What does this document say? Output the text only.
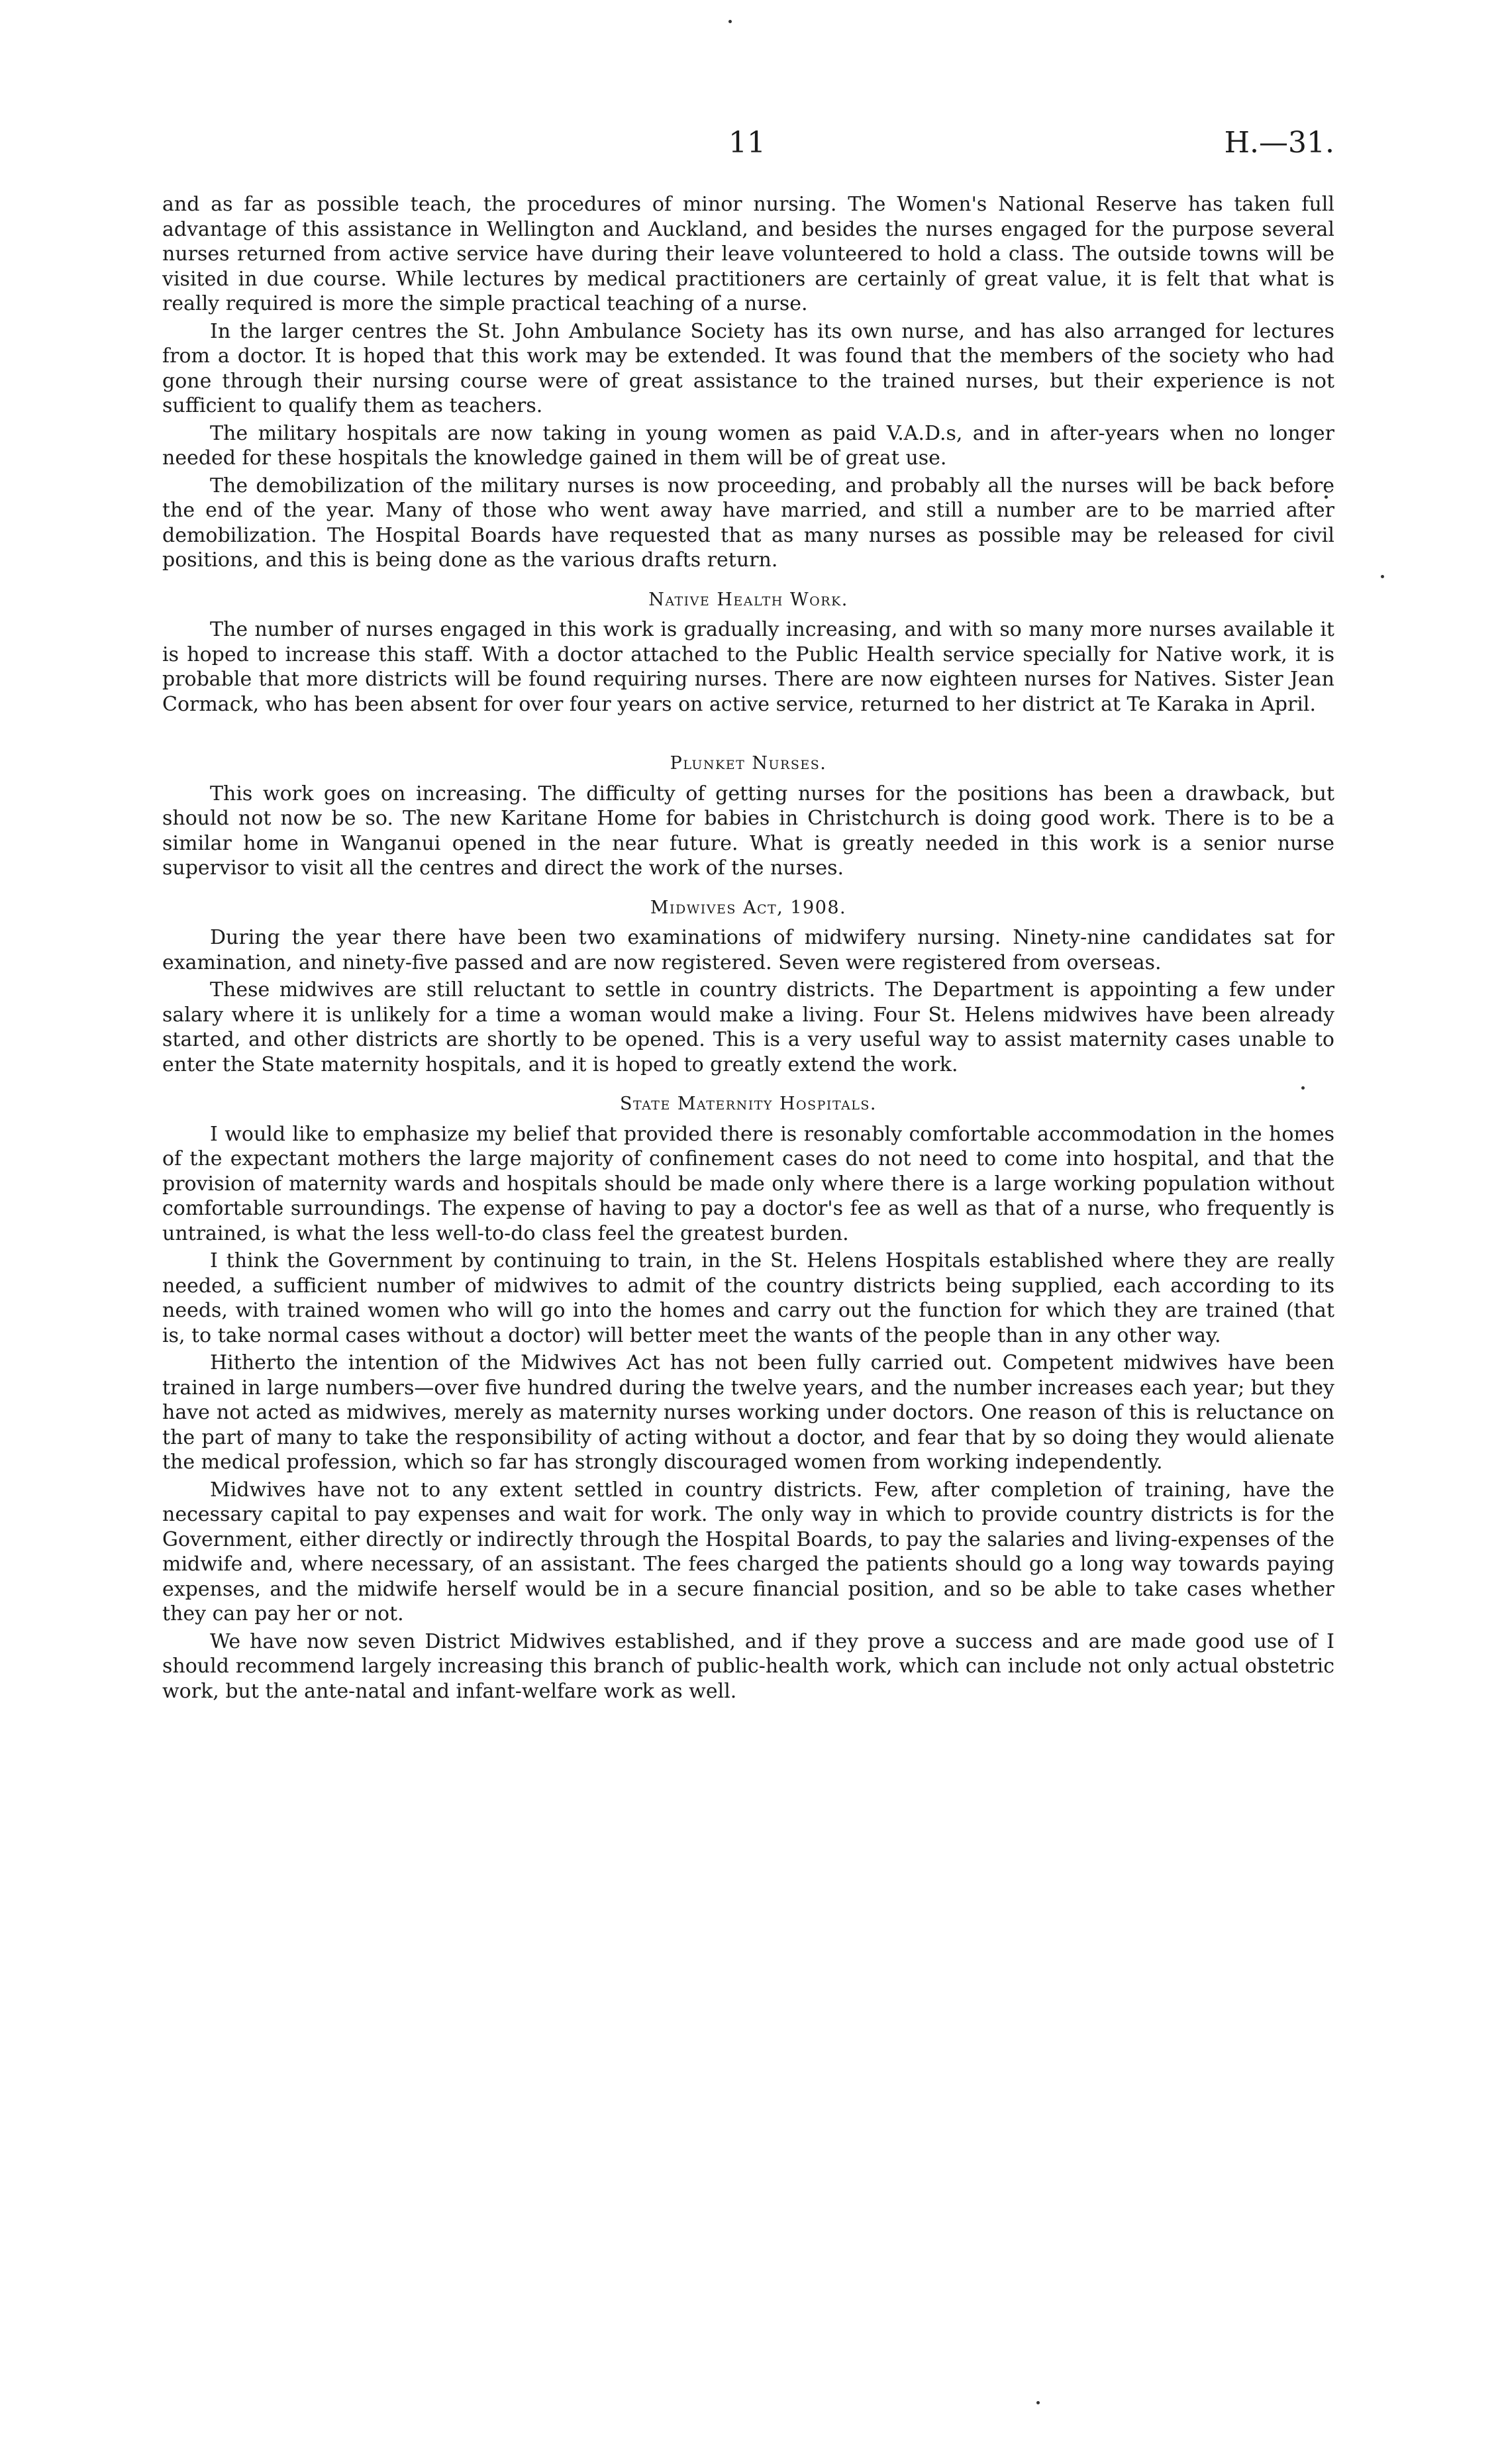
11	H.—31.

and as far as possible teach, the procedures of minor nursing. The Women's National Reserve has taken full advantage of this assistance in Wellington and Auckland, and besides the nurses engaged for the purpose several nurses returned from active service have during their leave volunteered to hold a class. The outside towns will be visited in due course. While lectures by medical practitioners are certainly of great value, it is felt that what is really required is more the simple practical teaching of a nurse.

In the larger centres the St. John Ambulance Society has its own nurse, and has also arranged for lectures from a doctor. It is hoped that this work may be extended. It was found that the members of the society who had gone through their nursing course were of great assistance to the trained nurses, but their experience is not sufficient to qualify them as teachers.

The military hospitals are now taking in young women as paid V.A.D.s, and in after-years when no longer needed for these hospitals the knowledge gained in them will be of great use.

The demobilization of the military nurses is now proceeding, and probably all the nurses will be back before the end of the year. Many of those who went away have married, and still a number are to be married after demobilization. The Hospital Boards have requested that as many nurses as possible may be released for civil positions, and this is being done as the various drafts return.

Native Health Work.

The number of nurses engaged in this work is gradually increasing, and with so many more nurses available it is hoped to increase this staff. With a doctor attached to the Public Health service specially for Native work, it is probable that more districts will be found requiring nurses. There are now eighteen nurses for Natives. Sister Jean Cormack, who has been absent for over four years on active service, returned to her district at Te Karaka in April.

Plunket Nurses.

This work goes on increasing. The difficulty of getting nurses for the positions has been a drawback, but should not now be so. The new Karitane Home for babies in Christchurch is doing good work. There is to be a similar home in Wanganui opened in the near future. What is greatly needed in this work is a senior nurse supervisor to visit all the centres and direct the work of the nurses.

Midwives Act, 1908.

During the year there have been two examinations of midwifery nursing. Ninety-nine candidates sat for examination, and ninety-five passed and are now registered. Seven were registered from overseas.

These midwives are still reluctant to settle in country districts. The Department is appointing a few under salary where it is unlikely for a time a woman would make a living. Four St. Helens midwives have been already started, and other districts are shortly to be opened. This is a very useful way to assist maternity cases unable to enter the State maternity hospitals, and it is hoped to greatly extend the work.

State Maternity Hospitals.

I would like to emphasize my belief that provided there is resonably comfortable accommodation in the homes of the expectant mothers the large majority of confinement cases do not need to come into hospital, and that the provision of maternity wards and hospitals should be made only where there is a large working population without comfortable surroundings. The expense of having to pay a doctor's fee as well as that of a nurse, who frequently is untrained, is what the less well-to-do class feel the greatest burden.

I think the Government by continuing to train, in the St. Helens Hospitals established where they are really needed, a sufficient number of midwives to admit of the country districts being supplied, each according to its needs, with trained women who will go into the homes and carry out the function for which they are trained (that is, to take normal cases without a doctor) will better meet the wants of the people than in any other way.

Hitherto the intention of the Midwives Act has not been fully carried out. Competent midwives have been trained in large numbers—over five hundred during the twelve years, and the number increases each year; but they have not acted as midwives, merely as maternity nurses working under doctors. One reason of this is reluctance on the part of many to take the responsibility of acting without a doctor, and fear that by so doing they would alienate the medical profession, which so far has strongly discouraged women from working independently.

Midwives have not to any extent settled in country districts. Few, after completion of training, have the necessary capital to pay expenses and wait for work. The only way in which to provide country districts is for the Government, either directly or indirectly through the Hospital Boards, to pay the salaries and living-expenses of the midwife and, where necessary, of an assistant. The fees charged the patients should go a long way towards paying expenses, and the midwife herself would be in a secure financial position, and so be able to take cases whether they can pay her or not.

We have now seven District Midwives established, and if they prove a success and are made good use of I should recommend largely increasing this branch of public-health work, which can include not only actual obstetric work, but the ante-natal and infant-welfare work as well.
